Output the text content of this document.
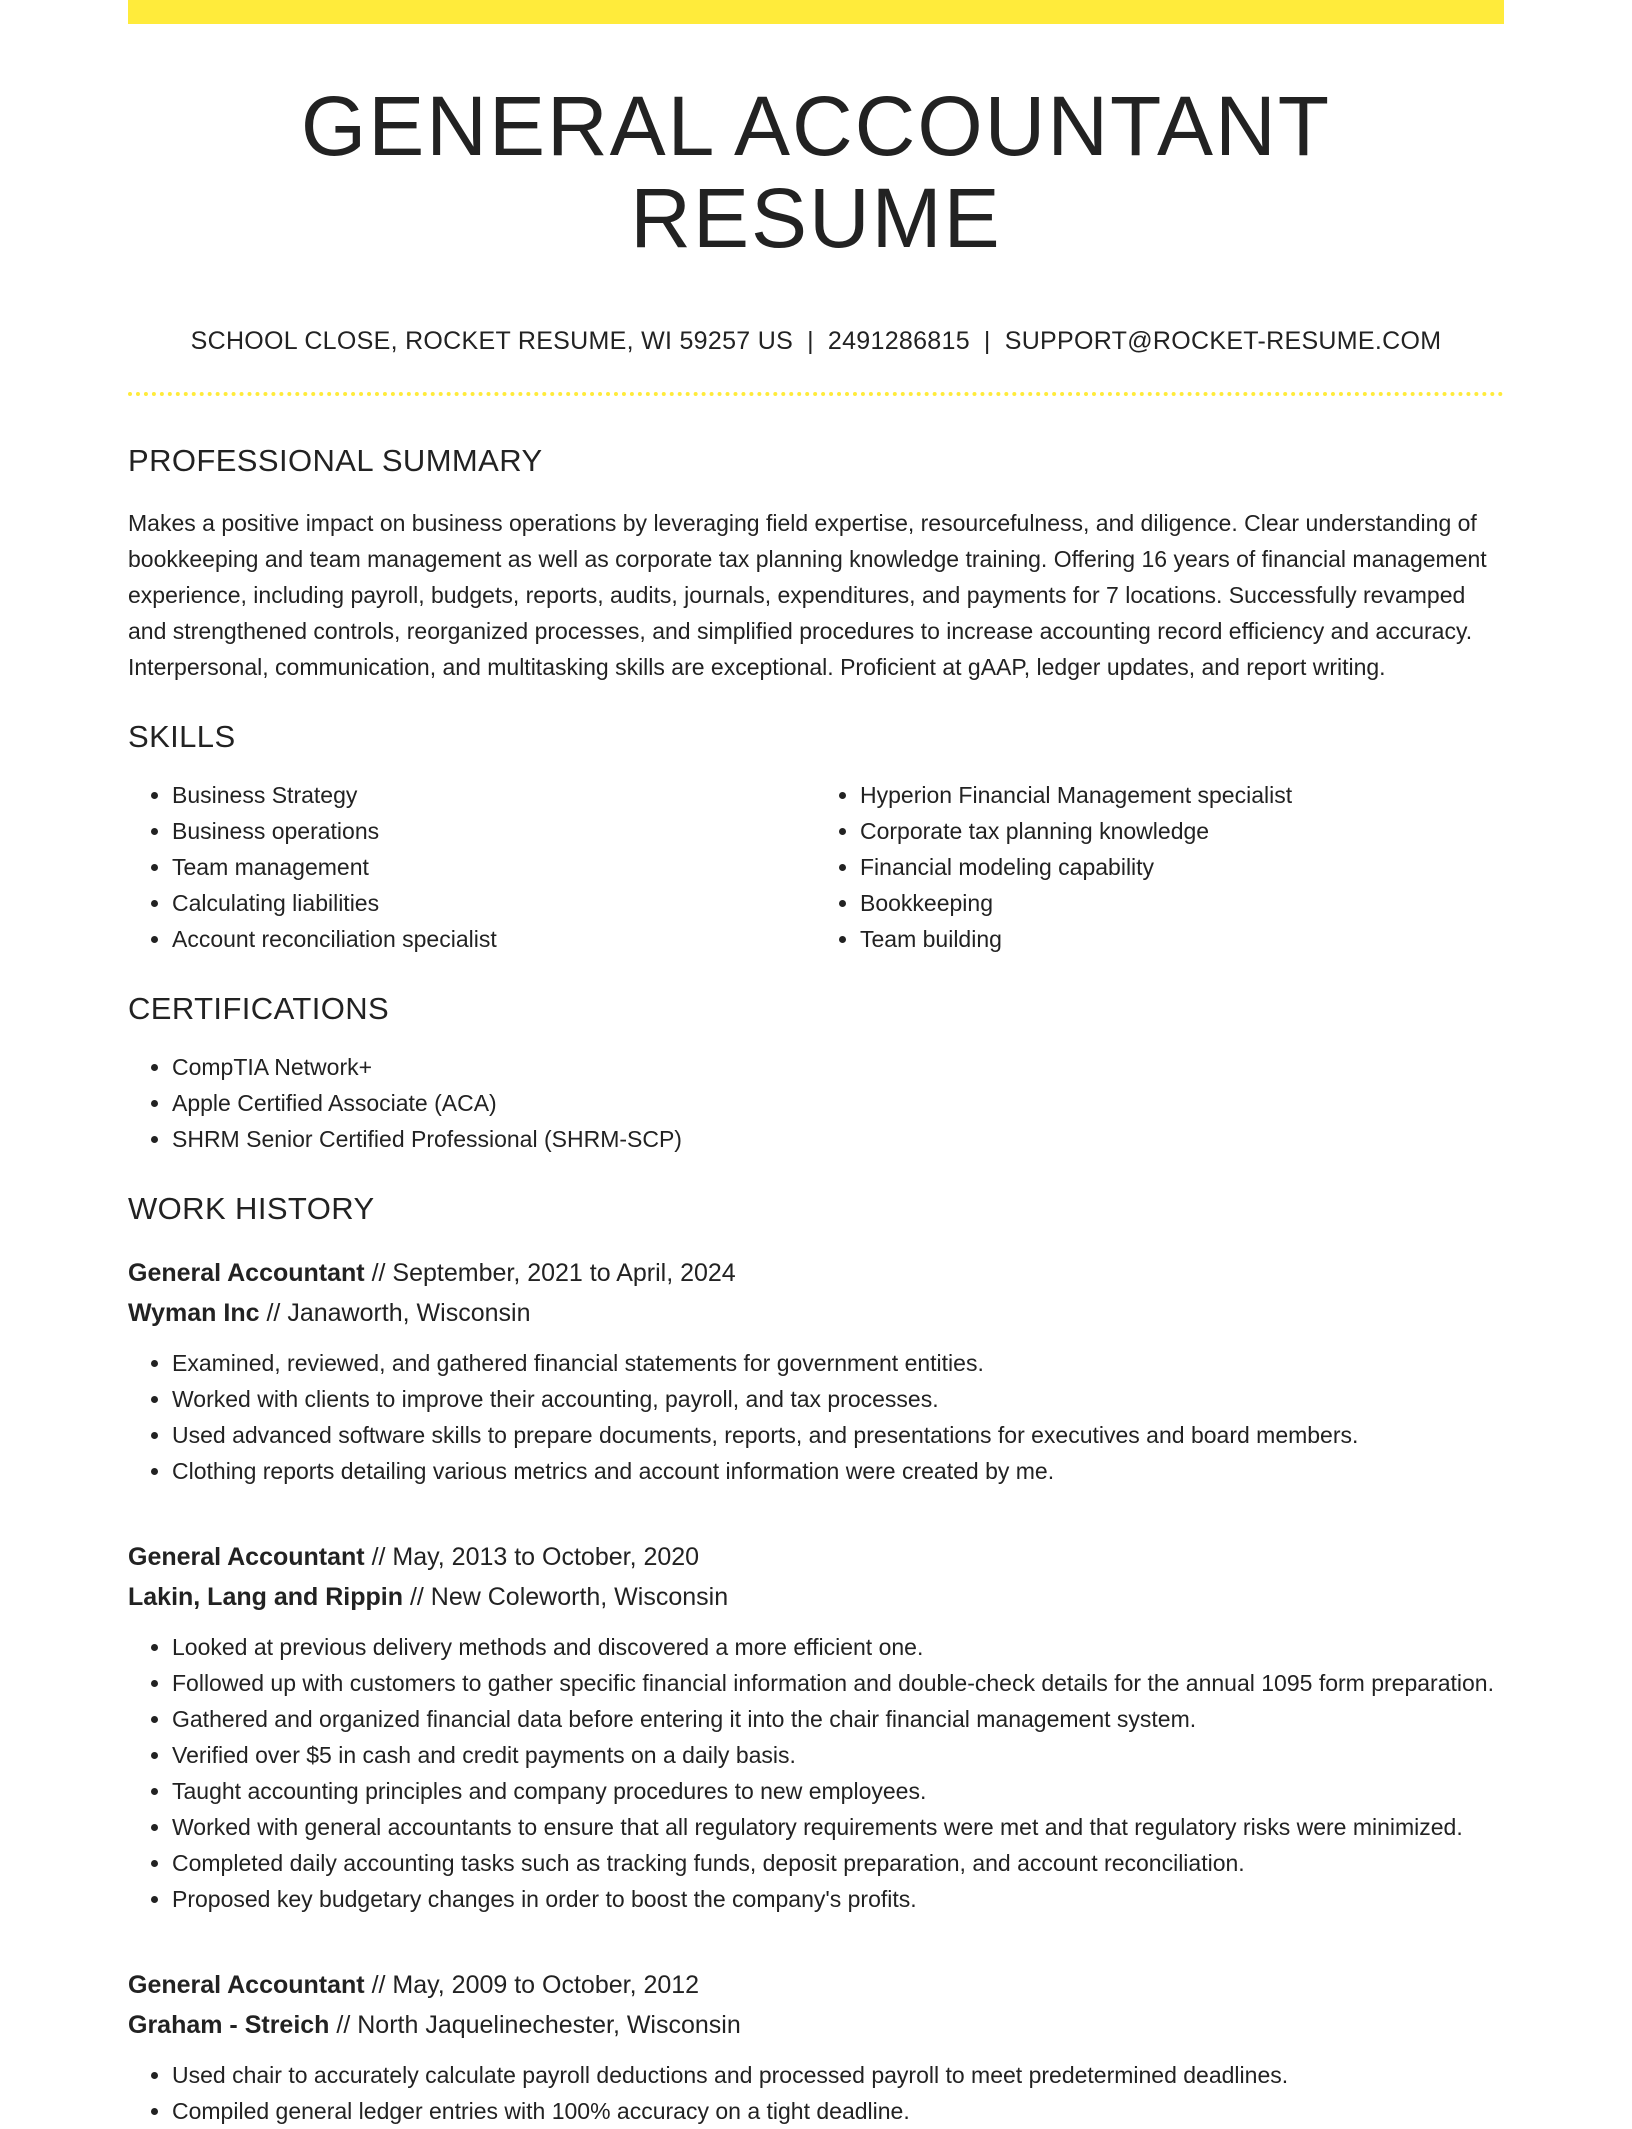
GENERAL ACCOUNTANT RESUME
SCHOOL CLOSE, ROCKET RESUME, WI 59257 US | 2491286815 | SUPPORT@ROCKET-RESUME.COM
PROFESSIONAL SUMMARY

Makes a positive impact on business operations by leveraging field expertise, resourcefulness, and diligence. Clear understanding of bookkeeping and team management as well as corporate tax planning knowledge training. Offering 16 years of financial management experience, including payroll, budgets, reports, audits, journals, expenditures, and payments for 7 locations. Successfully revamped and strengthened controls, reorganized processes, and simplified procedures to increase accounting record efficiency and accuracy. Interpersonal, communication, and multitasking skills are exceptional. Proficient at gAAP, ledger updates, and report writing.

SKILLS
• Business Strategy
• Business operations
• Team management
• Calculating liabilities
• Account reconciliation specialist
• Hyperion Financial Management specialist
• Corporate tax planning knowledge
• Financial modeling capability
• Bookkeeping
• Team building
CERTIFICATIONS
• CompTIA Network+
• Apple Certified Associate (ACA)
• SHRM Senior Certified Professional (SHRM-SCP)
WORK HISTORY
General Accountant // September, 2021 to April, 2024
Wyman Inc // Janaworth, Wisconsin
• Examined, reviewed, and gathered financial statements for government entities.
• Worked with clients to improve their accounting, payroll, and tax processes.
• Used advanced software skills to prepare documents, reports, and presentations for executives and board members.
• Clothing reports detailing various metrics and account information were created by me.
General Accountant // May, 2013 to October, 2020
Lakin, Lang and Rippin // New Coleworth, Wisconsin
• Looked at previous delivery methods and discovered a more efficient one.
• Followed up with customers to gather specific financial information and double-check details for the annual 1095 form preparation.
• Gathered and organized financial data before entering it into the chair financial management system.
• Verified over $5 in cash and credit payments on a daily basis.
• Taught accounting principles and company procedures to new employees.
• Worked with general accountants to ensure that all regulatory requirements were met and that regulatory risks were minimized.
• Completed daily accounting tasks such as tracking funds, deposit preparation, and account reconciliation.
• Proposed key budgetary changes in order to boost the company's profits.
General Accountant // May, 2009 to October, 2012
Graham - Streich // North Jaquelinechester, Wisconsin
• Used chair to accurately calculate payroll deductions and processed payroll to meet predetermined deadlines.
• Compiled general ledger entries with 100% accuracy on a tight deadline.
